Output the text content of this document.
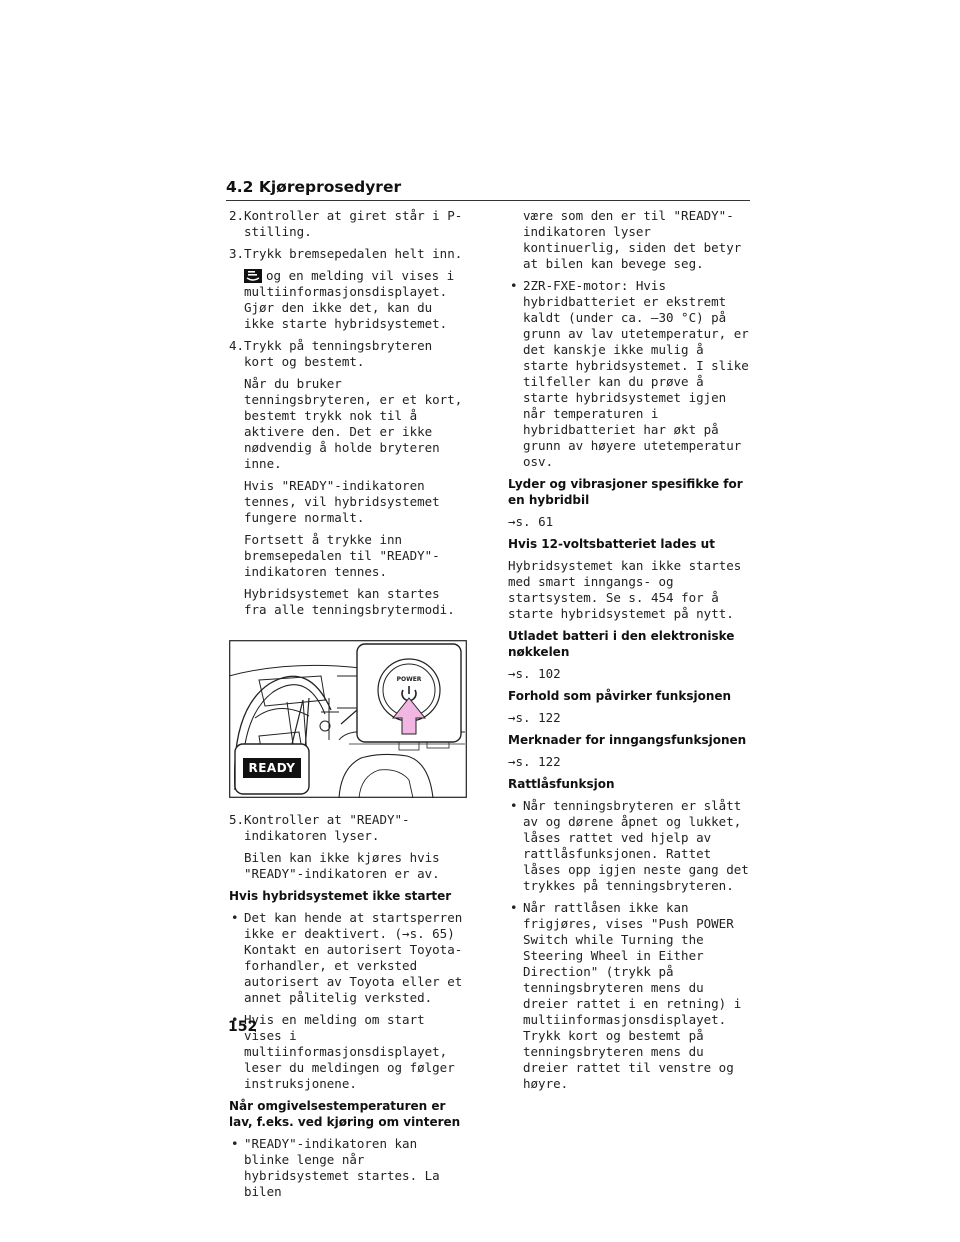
4.2 Kjøreprosedyrer
2. Kontroller at giret står i P-stilling.
3. Trykk bremsepedalen helt inn.
og en melding vil vises i multiinformasjonsdisplayet. Gjør den ikke det, kan du ikke starte hybridsystemet.
4. Trykk på tenningsbryteren kort og bestemt.
Når du bruker tenningsbryteren, er et kort, bestemt trykk nok til å aktivere den. Det er ikke nødvendig å holde bryteren inne.
Hvis "READY"-indikatoren tennes, vil hybridsystemet fungere normalt.
Fortsett å trykke inn bremsepedalen til "READY"-indikatoren tennes.
Hybridsystemet kan startes fra alle tenningsbrytermodi.
POWER
READY
5. Kontroller at "READY"-indikatoren lyser.
Bilen kan ikke kjøres hvis "READY"-indikatoren er av.
Hvis hybridsystemet ikke starter
• Det kan hende at startsperren ikke er deaktivert. (→s. 65) Kontakt en autorisert Toyota-forhandler, et verksted autorisert av Toyota eller et annet pålitelig verksted.
• Hvis en melding om start vises i multiinformasjonsdisplayet, leser du meldingen og følger instruksjonene.
Når omgivelsestemperaturen er lav, f.eks. ved kjøring om vinteren
• "READY"-indikatoren kan blinke lenge når hybridsystemet startes. La bilen
være som den er til "READY"-indikatoren lyser kontinuerlig, siden det betyr at bilen kan bevege seg.
• 2ZR-FXE-motor: Hvis hybridbatteriet er ekstremt kaldt (under ca. –30 °C) på grunn av lav utetemperatur, er det kanskje ikke mulig å starte hybridsystemet. I slike tilfeller kan du prøve å starte hybridsystemet igjen når temperaturen i hybridbatteriet har økt på grunn av høyere utetemperatur osv.
Lyder og vibrasjoner spesifikke for en hybridbil
→s. 61
Hvis 12-voltsbatteriet lades ut
Hybridsystemet kan ikke startes med smart inngangs- og startsystem. Se s. 454 for å starte hybridsystemet på nytt.
Utladet batteri i den elektroniske nøkkelen
→s. 102
Forhold som påvirker funksjonen
→s. 122
Merknader for inngangsfunksjonen
→s. 122
Rattlåsfunksjon
• Når tenningsbryteren er slått av og dørene åpnet og lukket, låses rattet ved hjelp av rattlåsfunksjonen. Rattet låses opp igjen neste gang det trykkes på tenningsbryteren.
• Når rattlåsen ikke kan frigjøres, vises "Push POWER Switch while Turning the Steering Wheel in Either Direction" (trykk på tenningsbryteren mens du dreier rattet i en retning) i multiinformasjonsdisplayet. Trykk kort og bestemt på tenningsbryteren mens du dreier rattet til venstre og høyre.
152
